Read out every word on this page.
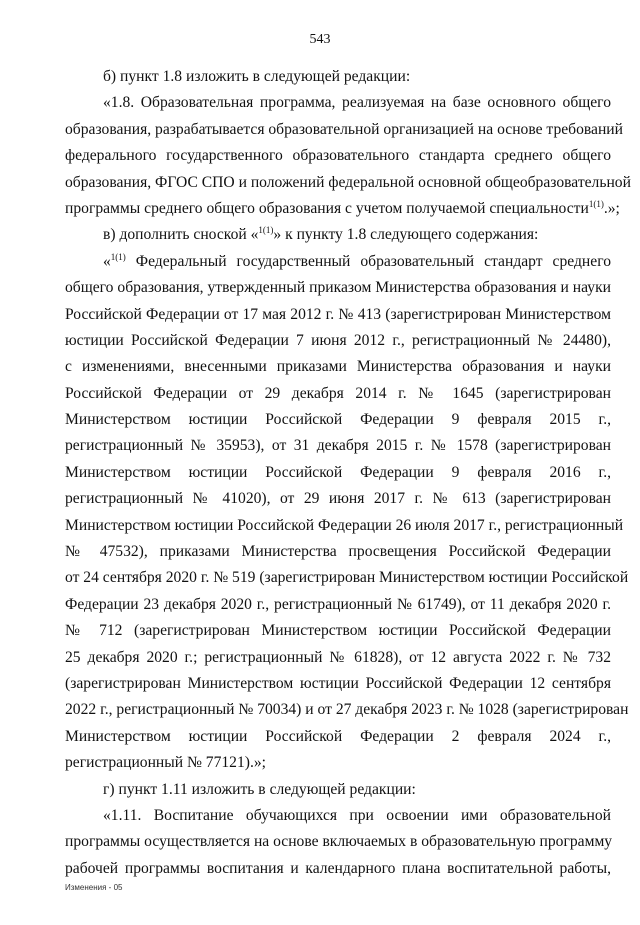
543
б) пункт 1.8 изложить в следующей редакции:
«1.8. Образовательная программа, реализуемая на базе основного общего
образования, разрабатывается образовательной организацией на основе требований
федерального государственного образовательного стандарта среднего общего
образования, ФГОС СПО и положений федеральной основной общеобразовательной
программы среднего общего образования с учетом получаемой специальности$^{1(1)}$.»;
в) дополнить сноской «$^{1(1)}$» к пункту 1.8 следующего содержания:
«$^{1(1)}$ Федеральный государственный образовательный стандарт среднего
общего образования, утвержденный приказом Министерства образования и науки
Российской Федерации от 17 мая 2012 г. № 413 (зарегистрирован Министерством
юстиции Российской Федерации 7 июня 2012 г., регистрационный № 24480),
с изменениями, внесенными приказами Министерства образования и науки
Российской Федерации от 29 декабря 2014 г. № 1645 (зарегистрирован
Министерством юстиции Российской Федерации 9 февраля 2015 г.,
регистрационный № 35953), от 31 декабря 2015 г. № 1578 (зарегистрирован
Министерством юстиции Российской Федерации 9 февраля 2016 г.,
регистрационный № 41020), от 29 июня 2017 г. № 613 (зарегистрирован
Министерством юстиции Российской Федерации 26 июля 2017 г., регистрационный
№ 47532), приказами Министерства просвещения Российской Федерации
от 24 сентября 2020 г. № 519 (зарегистрирован Министерством юстиции Российской
Федерации 23 декабря 2020 г., регистрационный № 61749), от 11 декабря 2020 г.
№ 712 (зарегистрирован Министерством юстиции Российской Федерации
25 декабря 2020 г.; регистрационный № 61828), от 12 августа 2022 г. № 732
(зарегистрирован Министерством юстиции Российской Федерации 12 сентября
2022 г., регистрационный № 70034) и от 27 декабря 2023 г. № 1028 (зарегистрирован
Министерством юстиции Российской Федерации 2 февраля 2024 г.,
регистрационный № 77121).»;
г) пункт 1.11 изложить в следующей редакции:
«1.11. Воспитание обучающихся при освоении ими образовательной
программы осуществляется на основе включаемых в образовательную программу
рабочей программы воспитания и календарного плана воспитательной работы,
Изменения - 05
